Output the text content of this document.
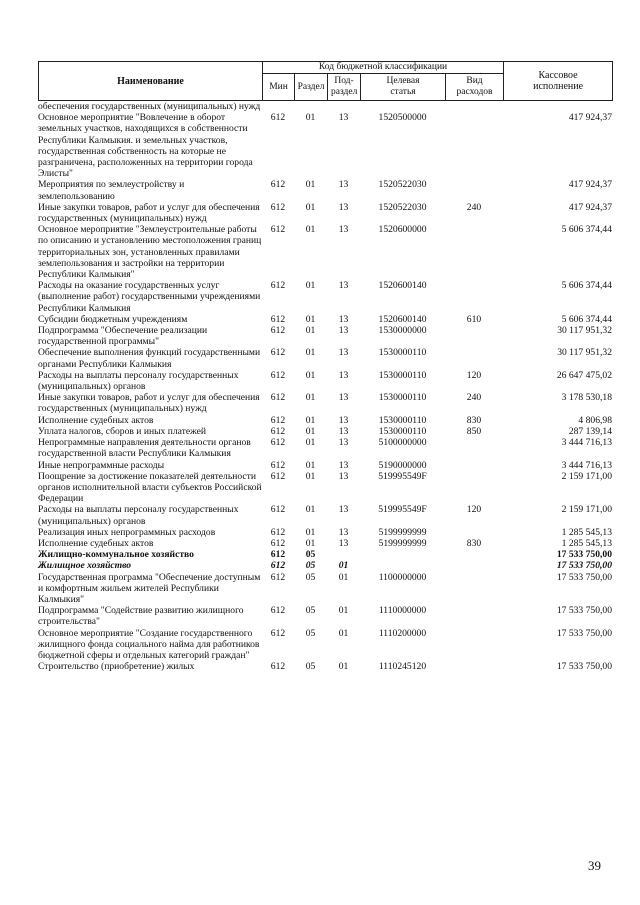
Наименование	Код бюджетной классификации					Кассовое исполнение
	Мин	Раздел	Под-раздел	Целевая статья	Вид расходов	
обеспечения государственных (муниципальных) нужд						
Основное мероприятие "Вовлечение в оборот земельных участков, находящихся в собственности Республики Калмыкия. и земельных участков, государственная собственность на которые не разграничена, расположенных на территории города Элисты"	612	01	13	1520500000		417 924,37
Мероприятия по землеустройству и землепользованию	612	01	13	1520522030		417 924,37
Иные закупки товаров, работ и услуг для обеспечения государственных (муниципальных) нужд	612	01	13	1520522030	240	417 924,37
Основное мероприятие "Землеустроительные работы по описанию и установлению местоположения границ территориальных зон, установленных правилами землепользования и застройки на территории Республики Калмыкия"	612	01	13	1520600000		5 606 374,44
Расходы на оказание государственных услуг (выполнение работ) государственными учреждениями Республики Калмыкия	612	01	13	1520600140		5 606 374,44
Субсидии бюджетным учреждениям	612	01	13	1520600140	610	5 606 374,44
Подпрограмма "Обеспечение реализации государственной программы"	612	01	13	1530000000		30 117 951,32
Обеспечение выполнения функций государственными органами Республики Калмыкия	612	01	13	1530000110		30 117 951,32
Расходы на выплаты персоналу государственных (муниципальных) органов	612	01	13	1530000110	120	26 647 475,02
Иные закупки товаров, работ и услуг для обеспечения государственных (муниципальных) нужд	612	01	13	1530000110	240	3 178 530,18
Исполнение судебных актов	612	01	13	1530000110	830	4 806,98
Уплата налогов, сборов и иных платежей	612	01	13	1530000110	850	287 139,14
Непрограммные направления деятельности органов государственной власти Республики Калмыкия	612	01	13	5100000000		3 444 716,13
Иные непрограммные расходы	612	01	13	5190000000		3 444 716,13
Поощрение за достижение показателей деятельности органов исполнительной власти субъектов Российской Федерации	612	01	13	519995549F		2 159 171,00
Расходы на выплаты персоналу государственных (муниципальных) органов	612	01	13	519995549F	120	2 159 171,00
Реализация иных непрограммных расходов	612	01	13	5199999999		1 285 545,13
Исполнение судебных актов	612	01	13	5199999999	830	1 285 545,13
Жилищно-коммунальное хозяйство	612	05				17 533 750,00
Жилищное хозяйство	612	05	01			17 533 750,00
Государственная программа "Обеспечение доступным и комфортным жильем жителей Республики Калмыкия"	612	05	01	1100000000		17 533 750,00
Подпрограмма "Содействие развитию жилищного строительства"	612	05	01	1110000000		17 533 750,00
Основное мероприятие "Создание государственного жилищного фонда социального найма для работников бюджетной сферы и отдельных категорий граждан"	612	05	01	1110200000		17 533 750,00
Строительство (приобретение) жилых	612	05	01	1110245120		17 533 750,00
39
